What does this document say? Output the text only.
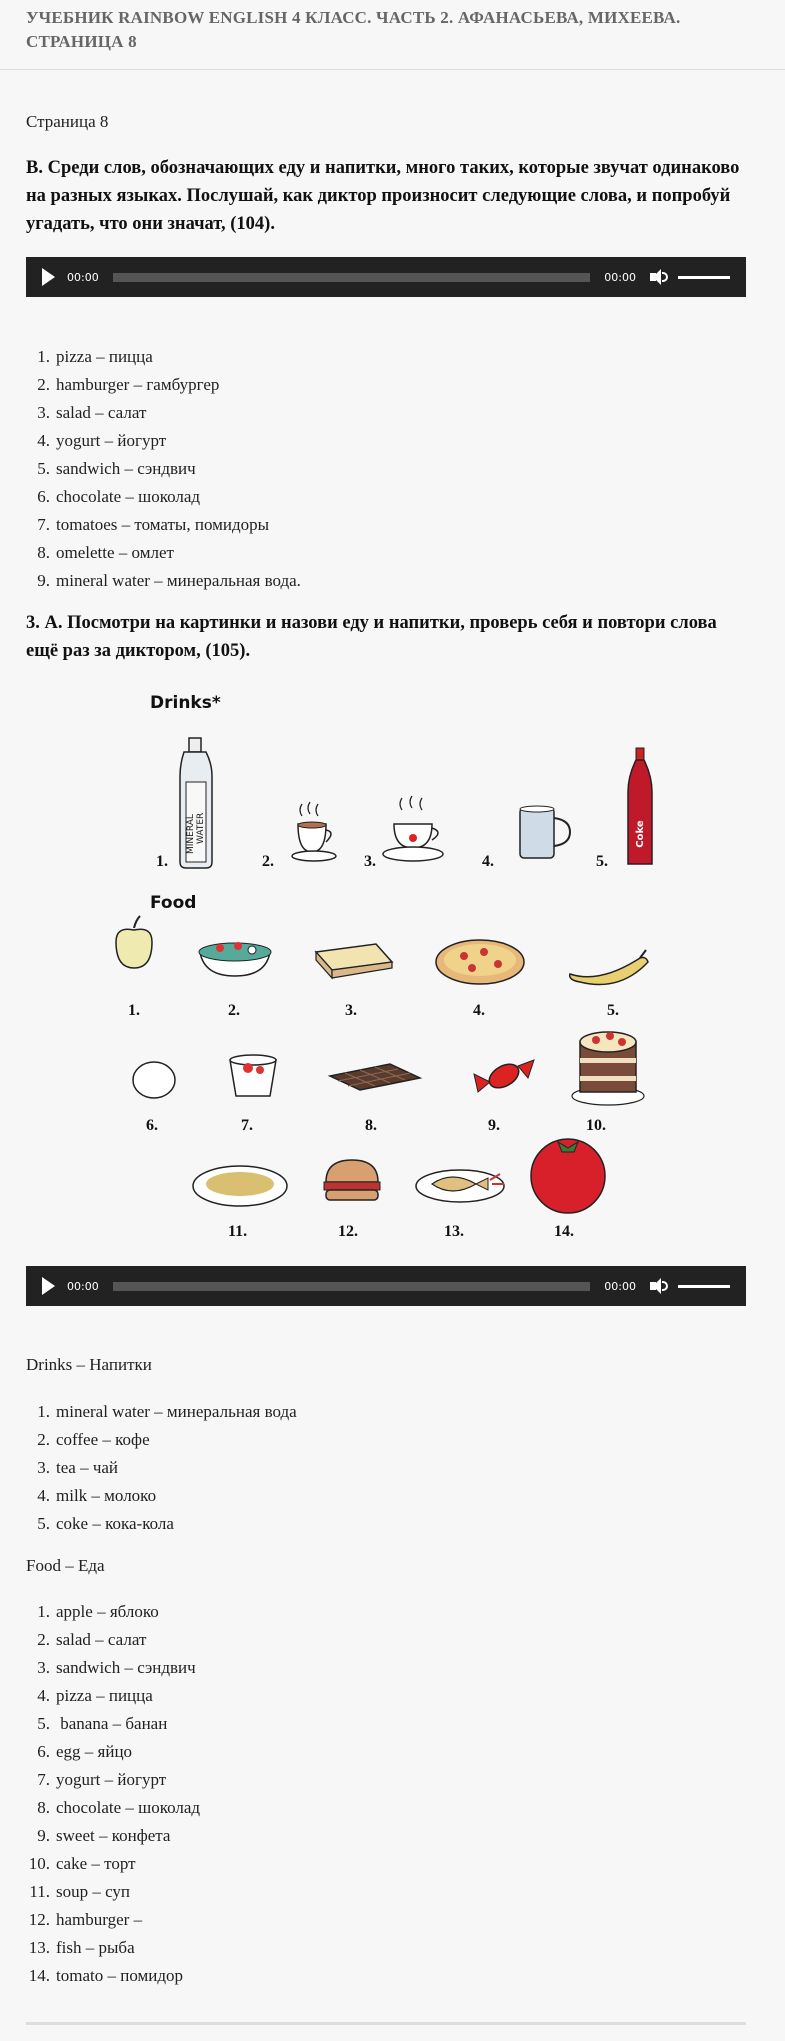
УЧЕБНИК RAINBOW ENGLISH 4 КЛАСС. ЧАСТЬ 2. АФАНАСЬЕВА, МИХЕЕВА. СТРАНИЦА 8
Страница 8
В. Среди слов, обозначающих еду и напитки, много таких, которые звучат одинаково на разных языках. Послушай, как диктор произносит следующие слова, и попробуй угадать, что они значат, (104).
00:00	00:00
1. pizza – пицца
2. hamburger – гамбургер
3. salad – салат
4. yogurt – йогурт
5. sandwich – сэндвич
6. chocolate – шоколад
7. tomatoes – томаты, помидоры
8. omelette – омлет
9. mineral water – минеральная вода.
3. А. Посмотри на картинки и назови еду и напитки, проверь себя и повтори слова ещё раз за диктором, (105).
00:00	00:00
Drinks – Напитки
1. mineral water – минеральная вода
2. coffee – кофе
3. tea – чай
4. milk – молоко
5. coke – кока-кола
Food – Еда
1. apple – яблоко
2. salad – салат
3. sandwich – сэндвич
4. pizza – пицца
5. banana – банан
6. egg – яйцо
7. yogurt – йогурт
8. chocolate – шоколад
9. sweet – конфета
10. cake – торт
11. soup – суп
12. hamburger –
13. fish – рыба
14. tomato – помидор
Drinks*
Food
MINERAL WATER
1.	2.	3.	4.
Coke
5.
1.	2.	3.	4.	5.
6.	7.	8.	9.	10.
11.	12.	13.	14.
